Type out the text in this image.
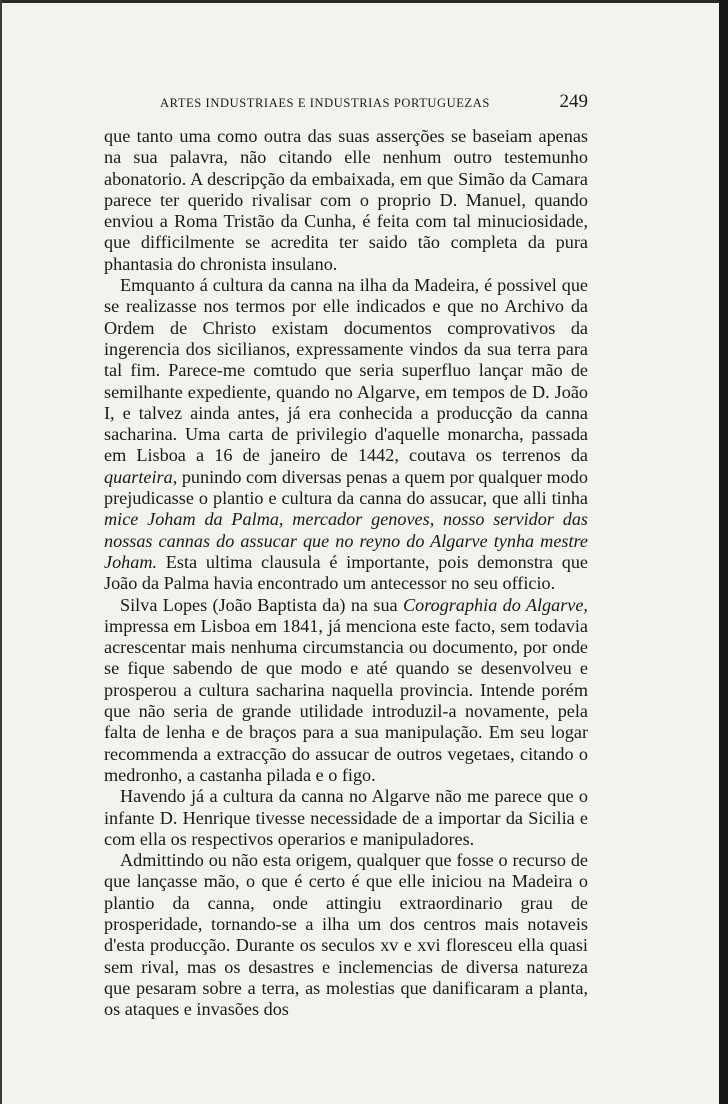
ARTES INDUSTRIAES E INDUSTRIAS PORTUGUEZAS	249

que tanto uma como outra das suas asserções se baseiam apenas na sua palavra, não citando elle nenhum outro testemunho abonatorio. A descripção da embaixada, em que Simão da Camara parece ter querido rivalisar com o proprio D. Manuel, quando enviou a Roma Tristão da Cunha, é feita com tal minuciosidade, que difficilmente se acredita ter saido tão completa da pura phantasia do chronista insulano.

Emquanto á cultura da canna na ilha da Madeira, é possivel que se realizasse nos termos por elle indicados e que no Archivo da Ordem de Christo existam documentos comprovativos da ingerencia dos sicilianos, expressamente vindos da sua terra para tal fim. Parece-me comtudo que seria superfluo lançar mão de semilhante expediente, quando no Algarve, em tempos de D. João I, e talvez ainda antes, já era conhecida a producção da canna sacharina. Uma carta de privilegio d'aquelle monarcha, passada em Lisboa a 16 de janeiro de 1442, coutava os terrenos da quarteira, punindo com diversas penas a quem por qualquer modo prejudicasse o plantio e cultura da canna do assucar, que alli tinha mice Joham da Palma, mercador genoves, nosso servidor das nossas cannas do assucar que no reyno do Algarve tynha mestre Joham. Esta ultima clausula é importante, pois demonstra que João da Palma havia encontrado um antecessor no seu officio.

Silva Lopes (João Baptista da) na sua Corographia do Algarve, impressa em Lisboa em 1841, já menciona este facto, sem todavia acrescentar mais nenhuma circumstancia ou documento, por onde se fique sabendo de que modo e até quando se desenvolveu e prosperou a cultura sacharina naquella provincia. Intende porém que não seria de grande utilidade introduzil-a novamente, pela falta de lenha e de braços para a sua manipulação. Em seu logar recommenda a extracção do assucar de outros vegetaes, citando o medronho, a castanha pilada e o figo.

Havendo já a cultura da canna no Algarve não me parece que o infante D. Henrique tivesse necessidade de a importar da Sicilia e com ella os respectivos operarios e manipuladores.

Admittindo ou não esta origem, qualquer que fosse o recurso de que lançasse mão, o que é certo é que elle iniciou na Madeira o plantio da canna, onde attingiu extraordinario grau de prosperidade, tornando-se a ilha um dos centros mais notaveis d'esta producção. Durante os seculos xv e xvi floresceu ella quasi sem rival, mas os desastres e inclemencias de diversa natureza que pesaram sobre a terra, as molestias que danificaram a planta, os ataques e invasões dos
